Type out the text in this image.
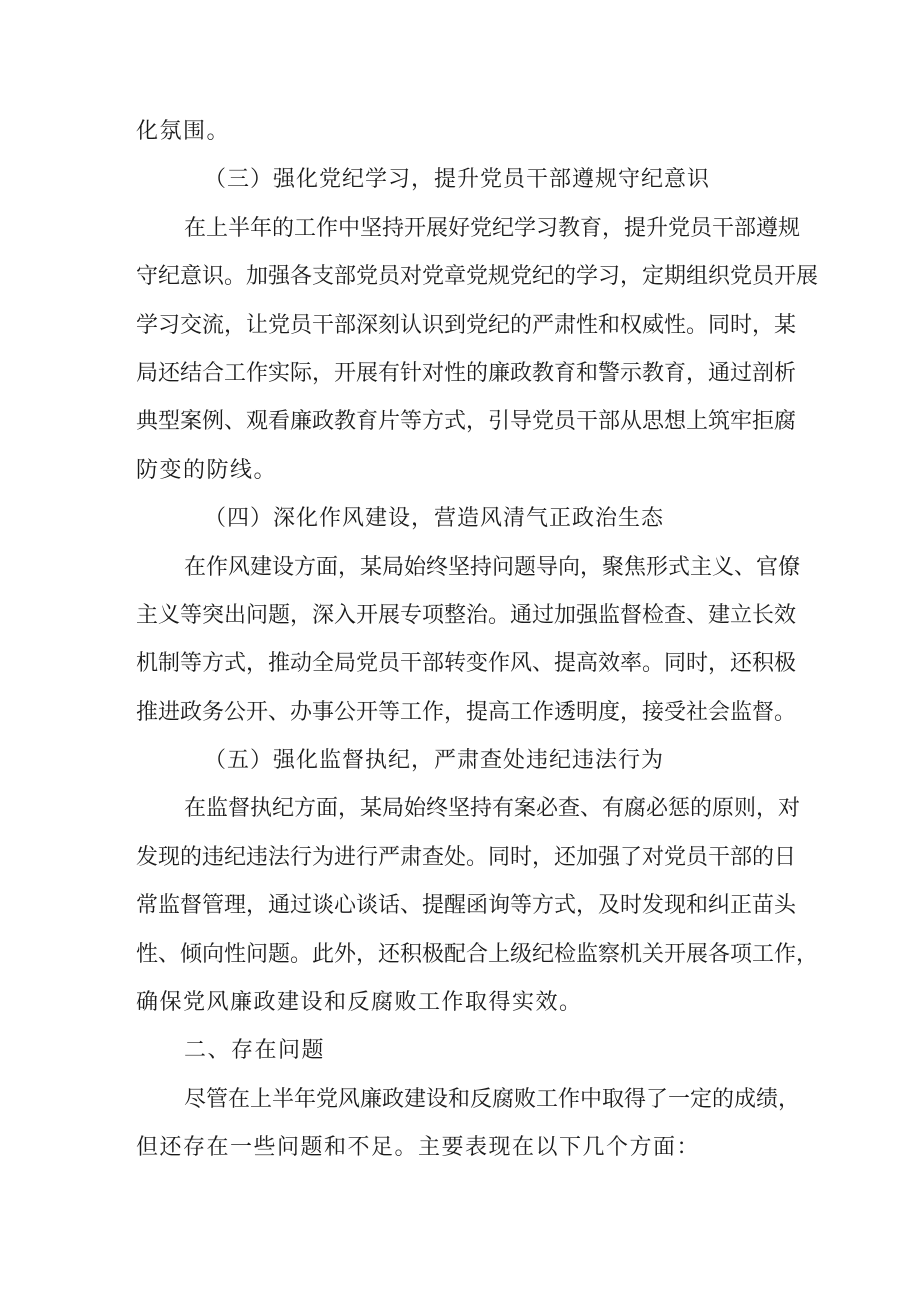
化氛围。
（三）强化党纪学习，提升党员干部遵规守纪意识
在上半年的工作中坚持开展好党纪学习教育，提升党员干部遵规
守纪意识。加强各支部党员对党章党规党纪的学习，定期组织党员开展
学习交流，让党员干部深刻认识到党纪的严肃性和权威性。同时，某
局还结合工作实际，开展有针对性的廉政教育和警示教育，通过剖析
典型案例、观看廉政教育片等方式，引导党员干部从思想上筑牢拒腐
防变的防线。
（四）深化作风建设，营造风清气正政治生态
在作风建设方面，某局始终坚持问题导向，聚焦形式主义、官僚
主义等突出问题，深入开展专项整治。通过加强监督检查、建立长效
机制等方式，推动全局党员干部转变作风、提高效率。同时，还积极
推进政务公开、办事公开等工作，提高工作透明度，接受社会监督。
（五）强化监督执纪，严肃查处违纪违法行为
在监督执纪方面，某局始终坚持有案必查、有腐必惩的原则，对
发现的违纪违法行为进行严肃查处。同时，还加强了对党员干部的日
常监督管理，通过谈心谈话、提醒函询等方式，及时发现和纠正苗头
性、倾向性问题。此外，还积极配合上级纪检监察机关开展各项工作，
确保党风廉政建设和反腐败工作取得实效。
二、存在问题
尽管在上半年党风廉政建设和反腐败工作中取得了一定的成绩，
但还存在一些问题和不足。主要表现在以下几个方面：
